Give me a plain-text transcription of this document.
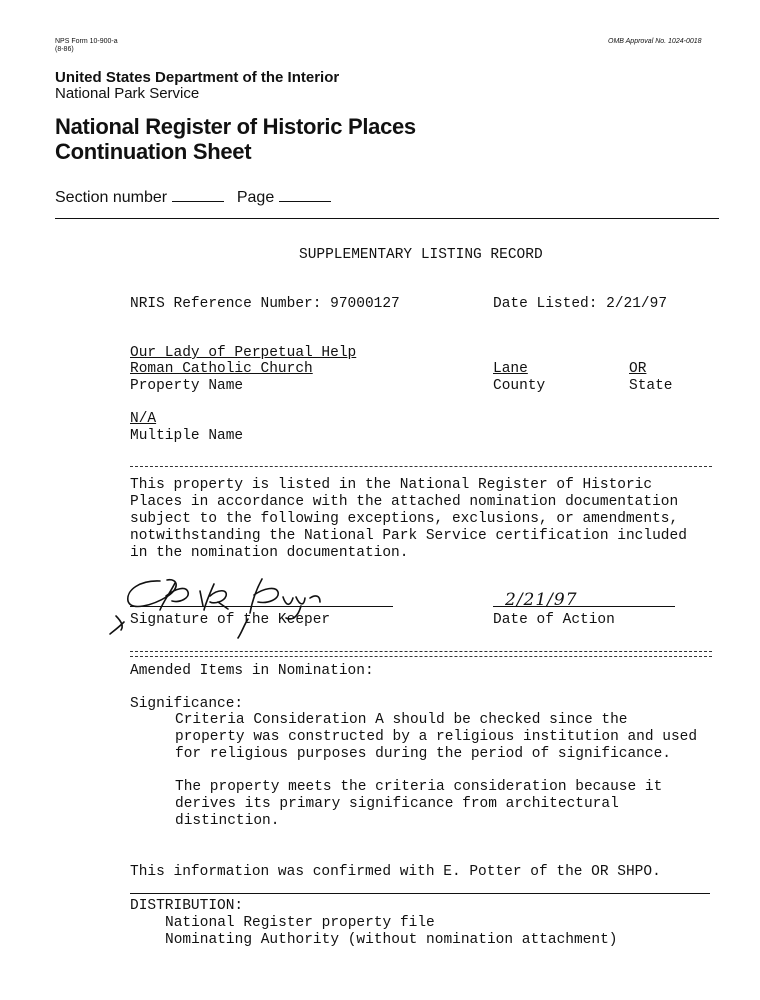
NPS Form 10-900-a
(8-86)
OMB Approval No. 1024-0018
United States Department of the Interior
National Park Service
National Register of Historic Places
Continuation Sheet
Section number	Page
SUPPLEMENTARY LISTING RECORD
NRIS Reference Number: 97000127	Date Listed: 2/21/97
Our Lady of Perpetual Help
Roman Catholic Church
Property Name
Lane
County
OR
State
N/A
Multiple Name
This property is listed in the National Register of Historic
Places in accordance with the attached nomination documentation
subject to the following exceptions, exclusions, or amendments,
notwithstanding the National Park Service certification included
in the nomination documentation.
Signature of the Keeper
2/21/97
Date of Action
Amended Items in Nomination:
Significance:
Criteria Consideration A should be checked since the
property was constructed by a religious institution and used
for religious purposes during the period of significance.
The property meets the criteria consideration because it
derives its primary significance from architectural
distinction.
This information was confirmed with E. Potter of the OR SHPO.
DISTRIBUTION:
National Register property file
Nominating Authority (without nomination attachment)
